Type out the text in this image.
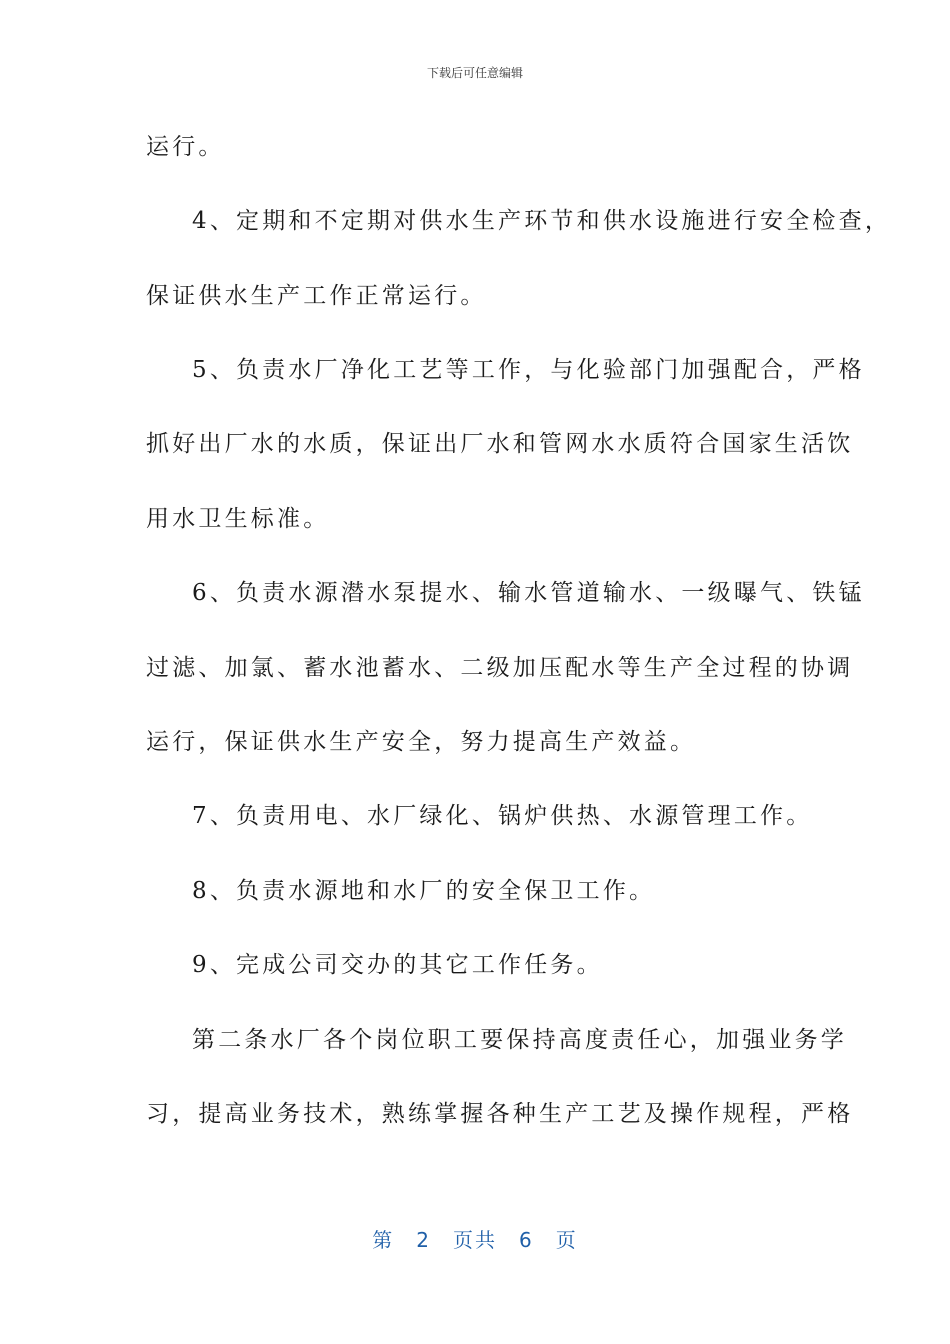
下载后可任意编辑
运行。
4、定期和不定期对供水生产环节和供水设施进行安全检查，
保证供水生产工作正常运行。
5、负责水厂净化工艺等工作，与化验部门加强配合，严格
抓好出厂水的水质，保证出厂水和管网水水质符合国家生活饮
用水卫生标准。
6、负责水源潜水泵提水、输水管道输水、一级曝气、铁锰
过滤、加氯、蓄水池蓄水、二级加压配水等生产全过程的协调
运行，保证供水生产安全，努力提高生产效益。
7、负责用电、水厂绿化、锅炉供热、水源管理工作。
8、负责水源地和水厂的安全保卫工作。
9、完成公司交办的其它工作任务。
第二条水厂各个岗位职工要保持高度责任心，加强业务学
习，提高业务技术，熟练掌握各种生产工艺及操作规程，严格
第 2 页共 6 页
